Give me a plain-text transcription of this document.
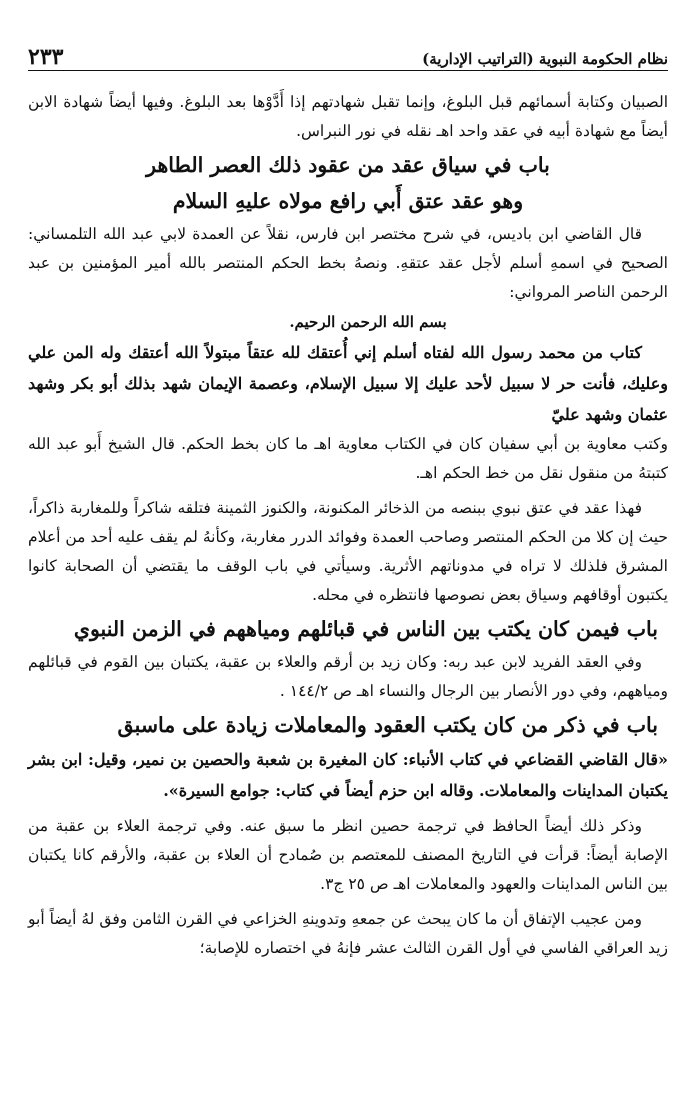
نظام الحكومة النبوية (التراتيب الإدارية)
٢٣٣

الصبيان وكتابة أسمائهم قبل البلوغ، وإنما تقبل شهادتهم إذا أَدَّوْها بعد البلوغ. وفيها أيضاً شهادة الابن أيضاً مع شهادة أبيه في عقد واحد اهـ نقله في نور النبراس.

باب في سياق عقد من عقود ذلك العصر الطاهر
وهو عقد عتق أَبي رافع مولاه عليهِ السلام

قال القاضي ابن باديس، في شرح مختصر ابن فارس، نقلاً عن العمدة لابي عبد الله التلمساني: الصحيح في اسمهِ أسلم لأجل عقد عتقهِ. ونصهُ بخط الحكم المنتصر بالله أمير المؤمنين بن عبد الرحمن الناصر المرواني:

بسم الله الرحمن الرحيم.

كتاب من محمد رسول الله لفتاه أسلم إني أُعتقك لله عتقاً مبتولاً الله أعتقك وله المن علي وعليك، فأنت حر لا سبيل لأحد عليك إلا سبيل الإسلام، وعصمة الإيمان شهد بذلك أبو بكر وشهد عثمان وشهد عليّ

وكتب معاوية بن أبي سفيان كان في الكتاب معاوية اهـ ما كان بخط الحكم. قال الشيخ أَبو عبد الله كتبتهُ من منقول نقل من خط الحكم اهـ.

فهذا عقد في عتق نبوي ببنصه من الذخائر المكنونة، والكنوز الثمينة فتلقه شاكراً وللمغاربة ذاكراً، حيث إن كلا من الحكم المنتصر وصاحب العمدة وفوائد الدرر مغاربة، وكأنهُ لم يقف عليه أحد من أعلام المشرق فلذلك لا تراه في مدوناتهم الأثرية. وسيأتي في باب الوقف ما يقتضي أن الصحابة كانوا يكتبون أوقافهم وسياق بعض نصوصها فانتظره في محله.

باب فيمن كان يكتب بين الناس في قبائلهم ومياههم في الزمن النبوي

وفي العقد الفريد لابن عبد ربه: وكان زيد بن أرقم والعلاء بن عقبة، يكتبان بين القوم في قبائلهم ومياههم، وفي دور الأنصار بين الرجال والنساء اهـ ص ١٤٤/٢ .

باب في ذكر من كان يكتب العقود والمعاملات زيادة على ماسبق

«قال القاضي القضاعي في كتاب الأنباء: كان المغيرة بن شعبة والحصين بن نمير، وقيل: ابن بشر يكتبان المداينات والمعاملات. وقاله ابن حزم أيضاً في كتاب: جوامع السيرة».

وذكر ذلك أيضاً الحافظ في ترجمة حصين انظر ما سبق عنه. وفي ترجمة العلاء بن عقبة من الإصابة أيضاً: قرأت في التاريخ المصنف للمعتصم بن صُمادح أن العلاء بن عقبة، والأرقم كانا يكتبان بين الناس المداينات والعهود والمعاملات اهـ ص ٢٥ ج٣.

ومن عجيب الإتفاق أن ما كان يبحث عن جمعهِ وتدوينهِ الخزاعي في القرن الثامن وفق لهُ أيضاً أبو زيد العراقي الفاسي في أول القرن الثالث عشر فإنهُ في اختصاره للإصابة؛
